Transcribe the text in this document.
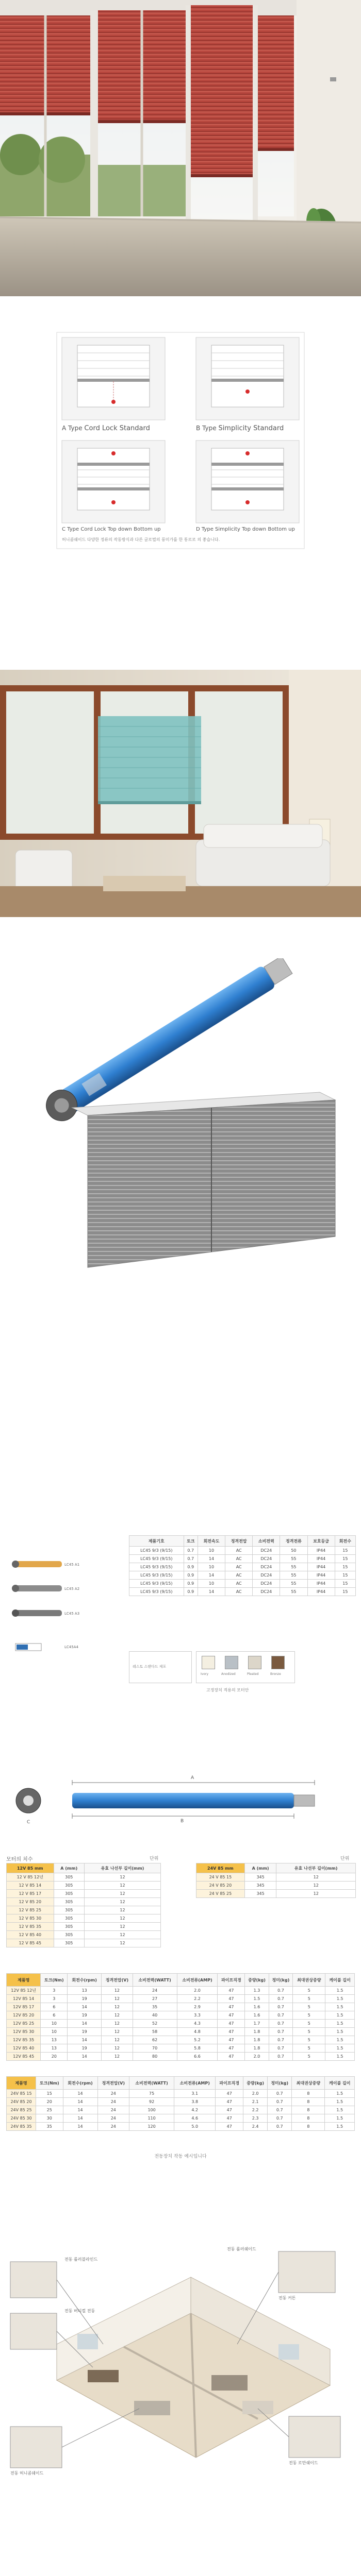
A Type Cord Lock Standard	B Type Simplicity Standard
C Type Cord Lock Top down Bottom up	D Type Simplicity Top down Bottom up
허니콤쉐이드 다양한 정류의 작동방식과 다른 글로벌의 풍미가를 한 통로로 의 좋습니다.
LC45 A1
LC45 A2
LC45 A3
LC45A4
제품기호	토크	회전속도	정격전압	소비전력	정격전류	보호등급	회전수
LC45 9/3 (9/15)	0.7	10	AC	DC24	50	IP44	15
LC45 9/3 (9/15)	0.7	14	AC	DC24	55	IP44	15
LC45 9/3 (9/15)	0.9	10	AC	DC24	55	IP44	15
LC45 9/3 (9/15)	0.9	14	AC	DC24	55	IP44	15
LC45 9/3 (9/15)	0.9	10	AC	DC24	55	IP44	15
LC45 9/3 (9/15)	0.9	14	AC	DC24	55	IP44	15
레스토 스탠다드 제포
Ivory	Anodized	Pleated	Bronze
고정장치 적용의 모터안
A
B
C
모터의 치수	단위	단위
12V 85 mm	A (mm)	유효 나선부 길이(mm)
12 V 85 12년	305	12
12 V 85 14	305	12
12 V 85 17	305	12
12 V 85 20	305	12
12 V 85 25	305	12
12 V 85 30	305	12
12 V 85 35	305	12
12 V 85 40	305	12
12 V 85 45	305	12
24V 85 mm	A (mm)	유효 나선부 길이(mm)
24 V 85 15	345	12
24 V 85 20	345	12
24 V 85 25	345	12
제품명	토크(Nm)	회전수(rpm)	정격전압(V)	소비전력(WATT)	소비전류(AMP)	파이프직경	중량(kg)	정미(kg)	최대권상중량	케이블 길이
12V 85 12년	3	13	12	24	2.0	47	1.3	0.7	5	1.5
12V 85 14	3	19	12	27	2.2	47	1.5	0.7	5	1.5
12V 85 17	6	14	12	35	2.9	47	1.6	0.7	5	1.5
12V 85 20	6	19	12	40	3.3	47	1.6	0.7	5	1.5
12V 85 25	10	14	12	52	4.3	47	1.7	0.7	5	1.5
12V 85 30	10	19	12	58	4.8	47	1.8	0.7	5	1.5
12V 85 35	13	14	12	62	5.2	47	1.8	0.7	5	1.5
12V 85 40	13	19	12	70	5.8	47	1.8	0.7	5	1.5
12V 85 45	20	14	12	80	6.6	47	2.0	0.7	5	1.5
제품명	토크(Nm)	회전수(rpm)	정격전압(V)	소비전력(WATT)	소비전류(AMP)	파이프직경	중량(kg)	정미(kg)	최대권상중량	케이블 길이
24V 85 15	15	14	24	75	3.1	47	2.0	0.7	8	1.5
24V 85 20	20	14	24	92	3.8	47	2.1	0.7	8	1.5
24V 85 25	25	14	24	100	4.2	47	2.2	0.7	8	1.5
24V 85 30	30	14	24	110	4.6	47	2.3	0.7	8	1.5
24V 85 35	35	14	24	120	5.0	47	2.4	0.7	8	1.5
전동장치 작동 예시입니다
전동 롤러블라인드
전동 버티컬 전동
전동 롤러쉐이드
전동 로만쉐이드
전동 허니콤쉐이드
전동 커튼
